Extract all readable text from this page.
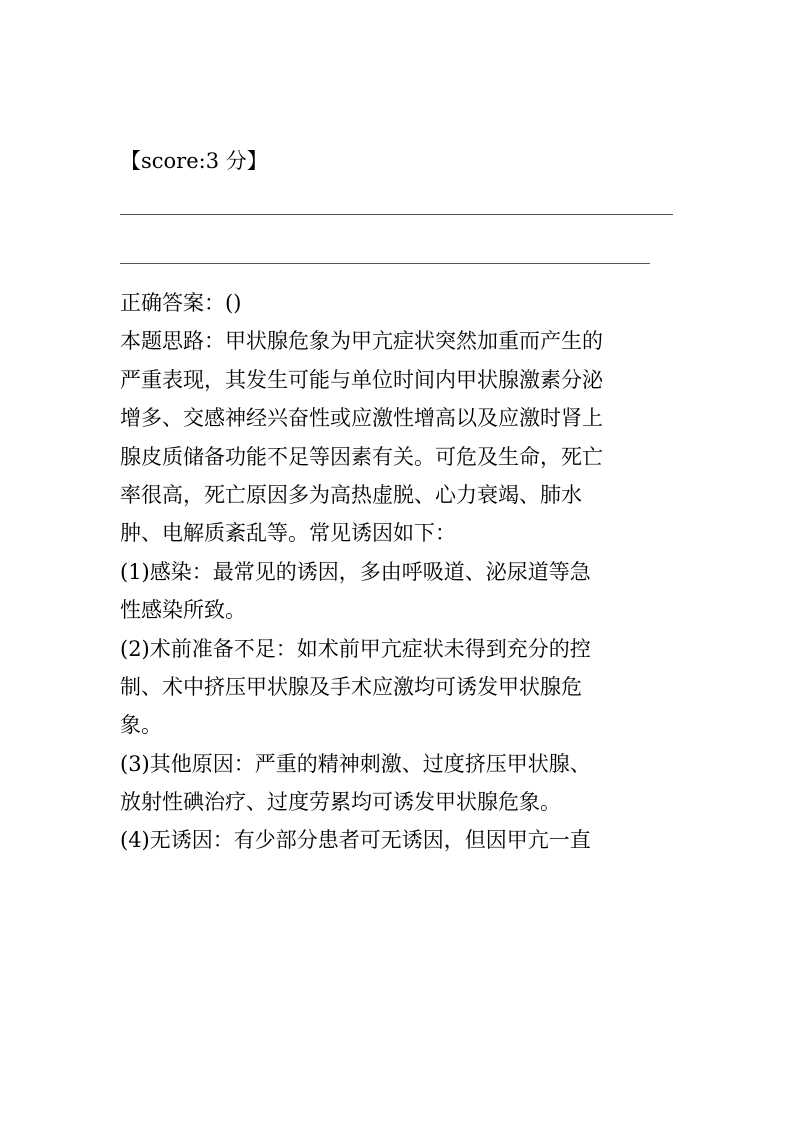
【score:3 分】
正确答案：()
本题思路：甲状腺危象为甲亢症状突然加重而产生的
严重表现，其发生可能与单位时间内甲状腺激素分泌
增多、交感神经兴奋性或应激性增高以及应激时肾上
腺皮质储备功能不足等因素有关。可危及生命，死亡
率很高，死亡原因多为高热虚脱、心力衰竭、肺水
肿、电解质紊乱等。常见诱因如下：
(1)感染：最常见的诱因，多由呼吸道、泌尿道等急
性感染所致。
(2)术前准备不足：如术前甲亢症状未得到充分的控
制、术中挤压甲状腺及手术应激均可诱发甲状腺危
象。
(3)其他原因：严重的精神刺激、过度挤压甲状腺、
放射性碘治疗、过度劳累均可诱发甲状腺危象。
(4)无诱因：有少部分患者可无诱因，但因甲亢一直
